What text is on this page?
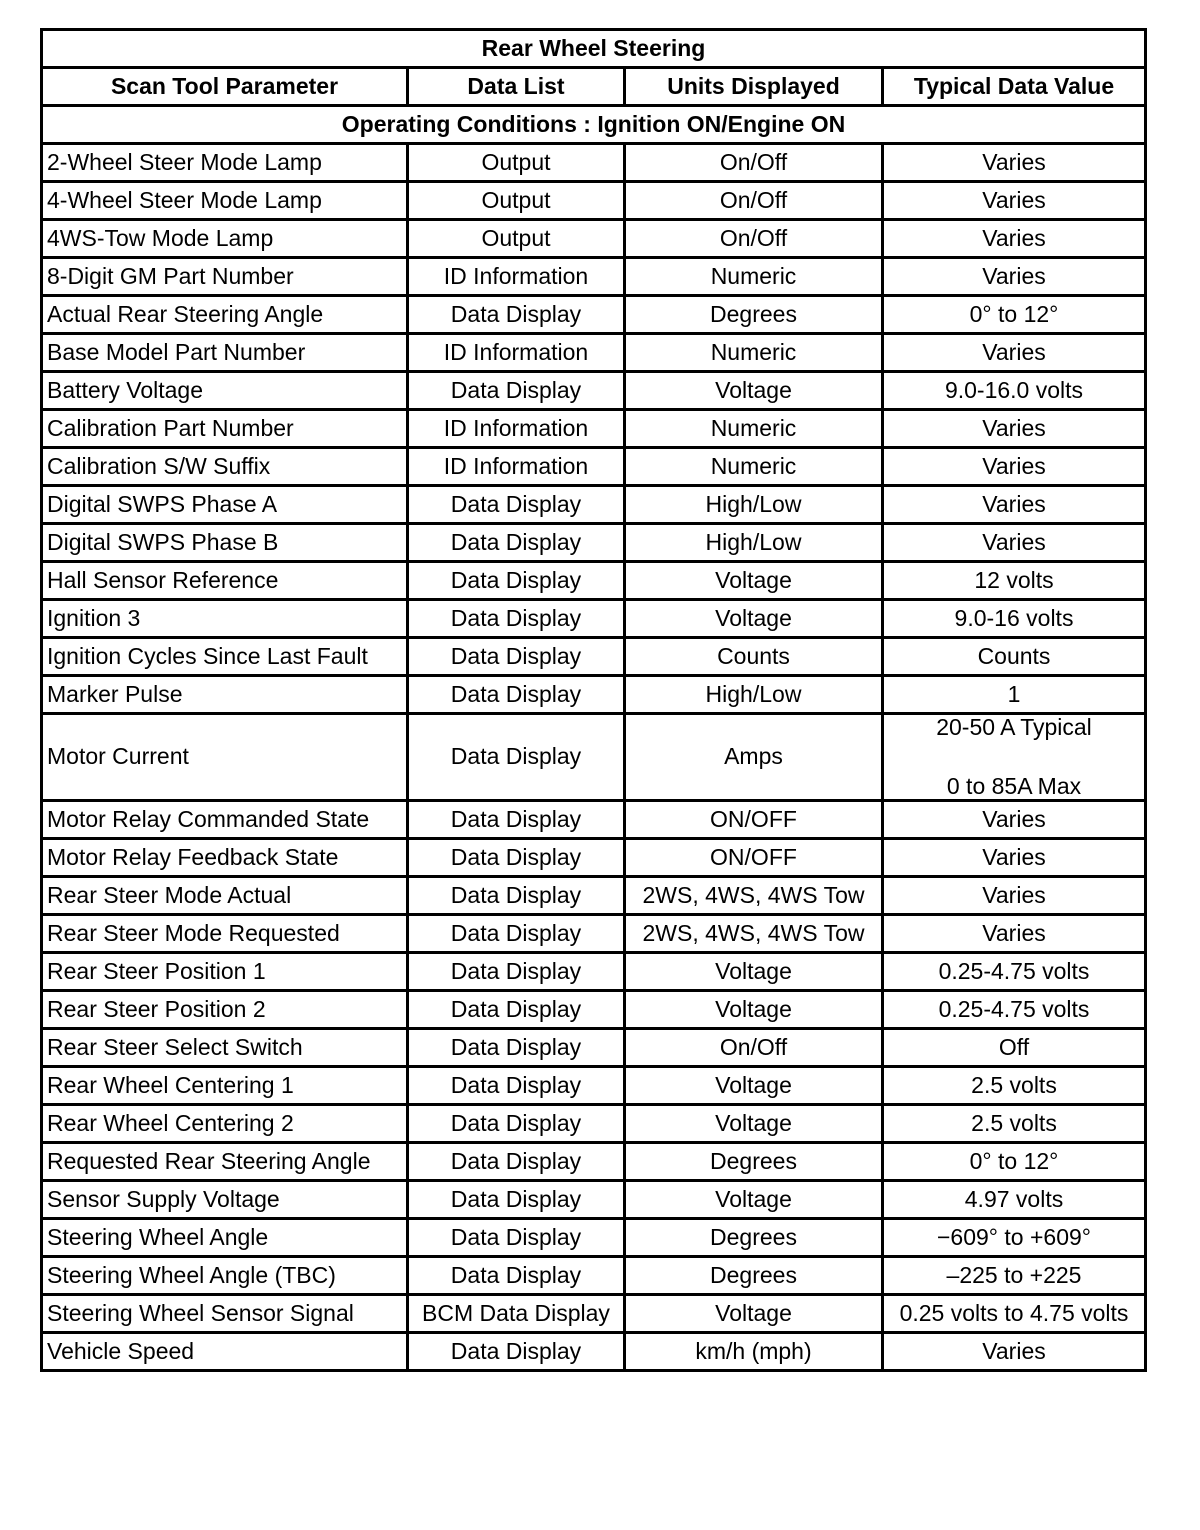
Rear Wheel Steering			
Scan Tool Parameter	Data List	Units Displayed	Typical Data Value
Operating Conditions : Ignition ON/Engine ON			
2-Wheel Steer Mode Lamp	Output	On/Off	Varies
4-Wheel Steer Mode Lamp	Output	On/Off	Varies
4WS-Tow Mode Lamp	Output	On/Off	Varies
8-Digit GM Part Number	ID Information	Numeric	Varies
Actual Rear Steering Angle	Data Display	Degrees	0° to 12°
Base Model Part Number	ID Information	Numeric	Varies
Battery Voltage	Data Display	Voltage	9.0-16.0 volts
Calibration Part Number	ID Information	Numeric	Varies
Calibration S/W Suffix	ID Information	Numeric	Varies
Digital SWPS Phase A	Data Display	High/Low	Varies
Digital SWPS Phase B	Data Display	High/Low	Varies
Hall Sensor Reference	Data Display	Voltage	12 volts
Ignition 3	Data Display	Voltage	9.0-16 volts
Ignition Cycles Since Last Fault	Data Display	Counts	Counts
Marker Pulse	Data Display	High/Low	1
Motor Current	Data Display	Amps	20-50 A Typical
0 to 85A Max

Motor Relay Commanded State	Data Display	ON/OFF	Varies
Motor Relay Feedback State	Data Display	ON/OFF	Varies
Rear Steer Mode Actual	Data Display	2WS, 4WS, 4WS Tow	Varies
Rear Steer Mode Requested	Data Display	2WS, 4WS, 4WS Tow	Varies
Rear Steer Position 1	Data Display	Voltage	0.25-4.75 volts
Rear Steer Position 2	Data Display	Voltage	0.25-4.75 volts
Rear Steer Select Switch	Data Display	On/Off	Off
Rear Wheel Centering 1	Data Display	Voltage	2.5 volts
Rear Wheel Centering 2	Data Display	Voltage	2.5 volts
Requested Rear Steering Angle	Data Display	Degrees	0° to 12°
Sensor Supply Voltage	Data Display	Voltage	4.97 volts
Steering Wheel Angle	Data Display	Degrees	−609° to +609°
Steering Wheel Angle (TBC)	Data Display	Degrees	–225 to +225
Steering Wheel Sensor Signal	BCM Data Display	Voltage	0.25 volts to 4.75 volts
Vehicle Speed	Data Display	km/h (mph)	Varies
